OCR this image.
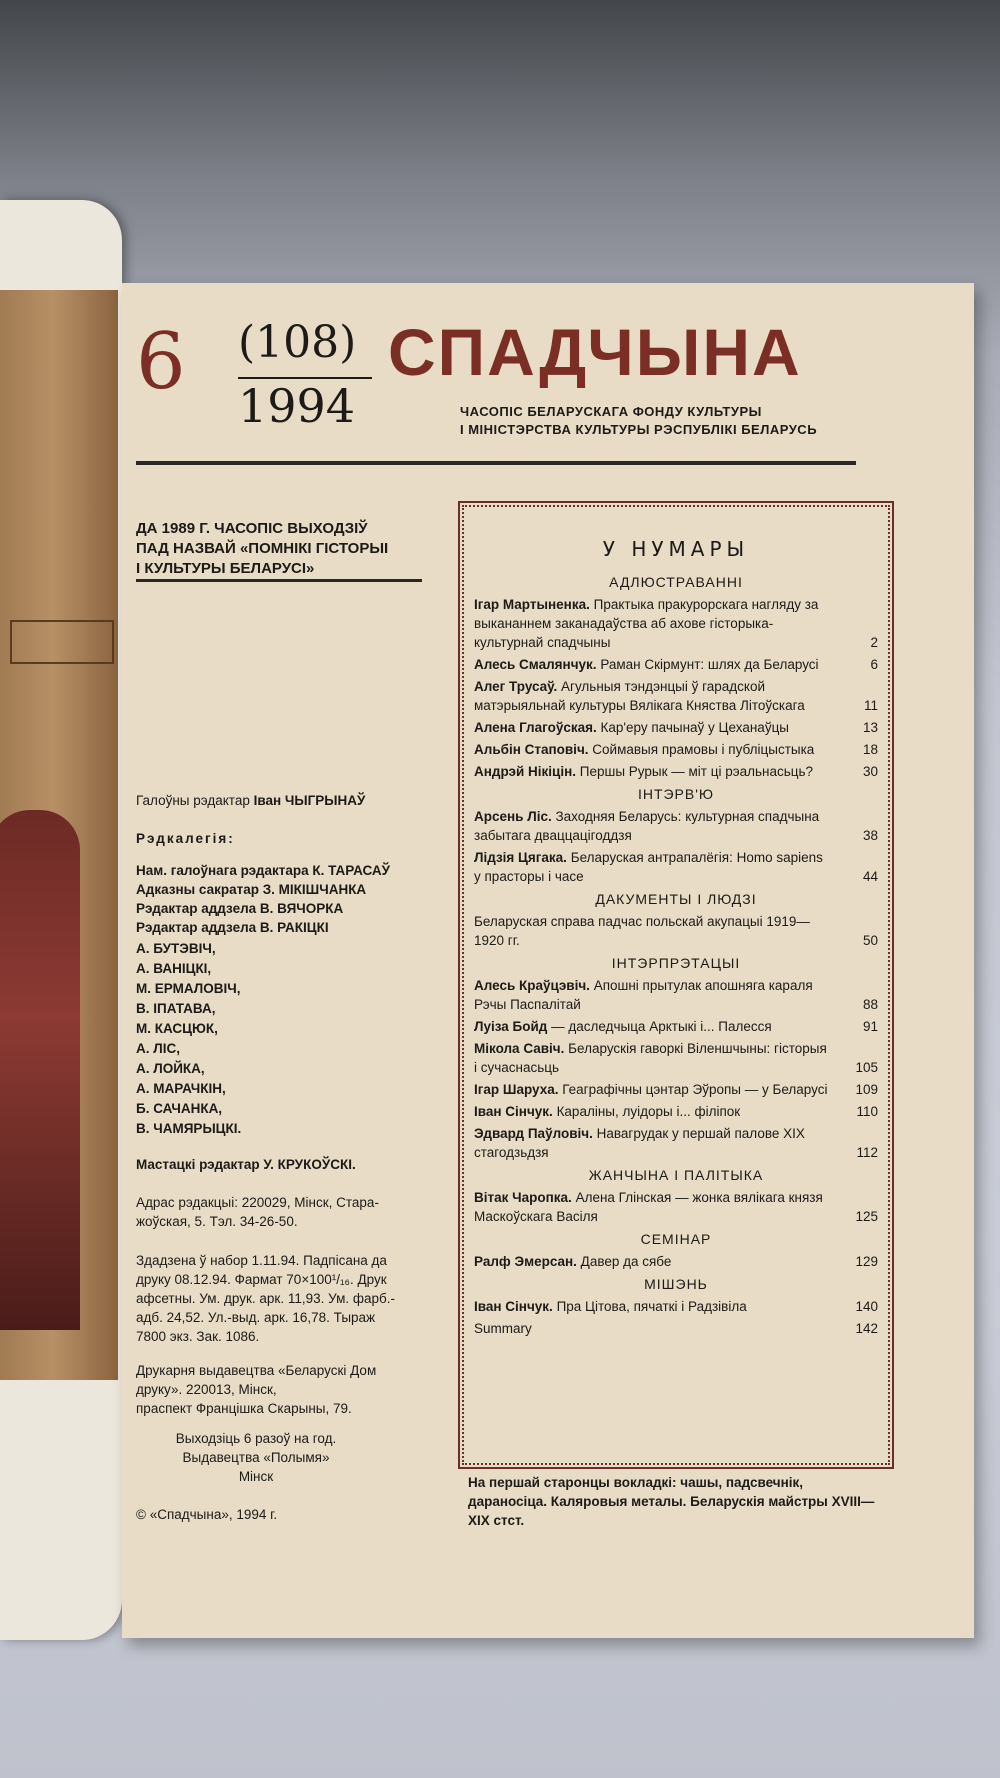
6 (108)
1994
СПАДЧЫНА
ЧАСОПІС БЕЛАРУСКАГА ФОНДУ КУЛЬТУРЫ
І МІНІСТЭРСТВА КУЛЬТУРЫ РЭСПУБЛІКІ БЕЛАРУСЬ
ДА 1989 Г. ЧАСОПІС ВЫХОДЗІЎ
ПАД НАЗВАЙ «ПОМНІКІ ГІСТОРЫІ
І КУЛЬТУРЫ БЕЛАРУСІ»
Галоўны рэдактар Іван ЧЫГРЫНАЎ
Рэдкалегія:
Нам. галоўнага рэдактара К. ТАРАСАЎ
Адказны сакратар З. МІКІШЧАНКА
Рэдактар аддзела В. ВЯЧОРКА
Рэдактар аддзела В. РАКІЦКІ
А. БУТЭВІЧ,
А. ВАНІЦКІ,
М. ЕРМАЛОВІЧ,
В. ІПАТАВА,
М. КАСЦЮК,
А. ЛІС,
А. ЛОЙКА,
А. МАРАЧКІН,
Б. САЧАНКА,
В. ЧАМЯРЫЦКІ.
Мастацкі рэдактар У. КРУКОЎСКІ.
Адрас рэдакцыі: 220029, Мінск, Стара-
жоўская, 5. Тэл. 34-26-50.
Здадзена ў набор 1.11.94. Падпісана да
друку 08.12.94. Фармат 70×100¹/₁₆. Друк
афсетны. Ум. друк. арк. 11,93. Ум. фарб.-
адб. 24,52. Ул.-выд. арк. 16,78. Тыраж
7800 экз. Зак. 1086.
Друкарня выдавецтва «Беларускі Дом
друку». 220013, Мінск,
праспект Францішка Скарыны, 79.
Выходзіць 6 разоў на год.
Выдавецтва «Полымя»
Мінск
© «Спадчына», 1994 г.
У НУМАРЫ
АДЛЮСТРАВАННІ
Ігар Мартыненка. Практыка пракурорскага нагляду за выкананнем заканадаўства аб ахове гісторыка-культурнай спадчыны	2
Алесь Смалянчук. Раман Скірмунт: шлях да Беларусі	6
Алег Трусаў. Агульныя тэндэнцыі ў гарадской матэрыяльнай культуры Вялікага Княства Літоўскага	11
Алена Глагоўская. Кар'еру пачынаў у Цеханаўцы	13
Альбін Стаповіч. Соймавыя прамовы і публіцыстыка	18
Андрэй Нікіцін. Першы Рурык — міт ці рэальнасьць?	30
ІНТЭРВ'Ю
Арсень Ліс. Заходняя Беларусь: культурная спадчына забытага дваццацігоддзя	38
Лідзія Цягака. Беларуская антрапалёгія: Homo sapiens у прасторы і часе	44
ДАКУМЕНТЫ І ЛЮДЗІ
Беларуская справа падчас польскай акупацыі 1919—1920 гг.	50
ІНТЭРПРЭТАЦЫІ
Алесь Краўцэвіч. Апошні прытулак апошняга караля Рэчы Паспалітай	88
Луіза Бойд — даследчыца Арктыкі і... Палесся	91
Мікола Савіч. Беларускія гаворкі Віленшчыны: гісторыя і сучаснасьць	105
Ігар Шаруха. Геаграфічны цэнтар Эўропы — у Беларусі	109
Іван Сінчук. Караліны, луідоры і... філіпок	110
Эдвард Паўловіч. Навагрудак у першай палове XIX стагодзьдзя	112
ЖАНЧЫНА І ПАЛІТЫКА
Вітак Чаропка. Алена Глінская — жонка вялікага князя Маскоўскага Васіля	125
СЕМІНАР
Ралф Эмерсан. Давер да сябе	129
МІШЭНЬ
Іван Сінчук. Пра Цітова, пячаткі і Радзівіла	140
Summary	142
На першай старонцы вокладкі: чашы, падсвечнік, дараносіца. Каляровыя металы. Беларускія майстры XVIII—XIX стст.
